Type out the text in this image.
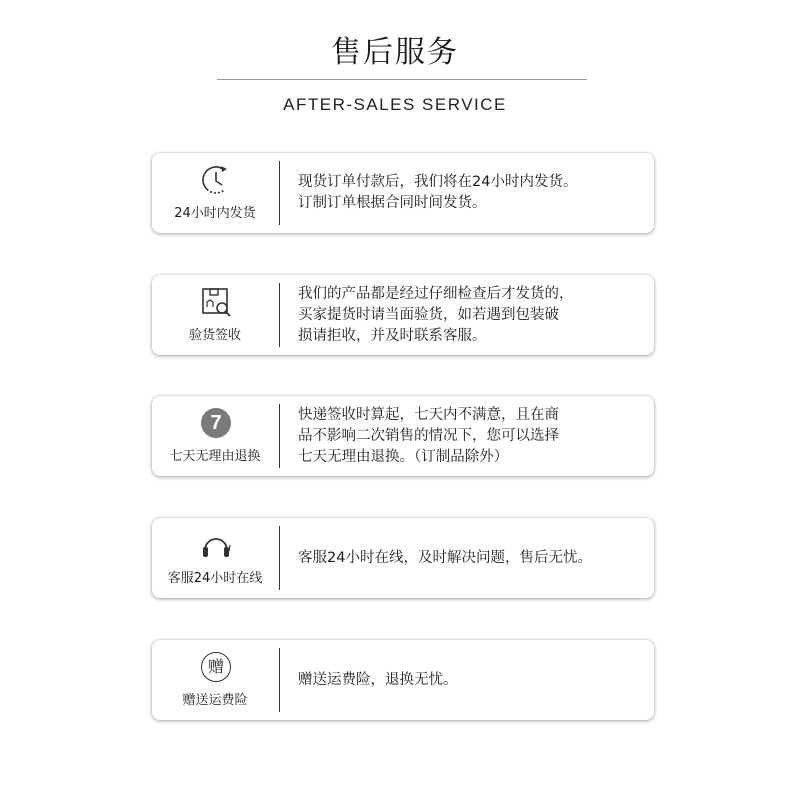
售后服务
AFTER-SALES SERVICE
24小时内发货
现货订单付款后，我们将在24小时内发货。
订制订单根据合同时间发货。
验货签收
我们的产品都是经过仔细检查后才发货的，
买家提货时请当面验货，如若遇到包装破
损请拒收，并及时联系客服。
7
七天无理由退换
快递签收时算起，七天内不满意，且在商
品不影响二次销售的情况下，您可以选择
七天无理由退换。（订制品除外）
客服24小时在线
客服24小时在线，及时解决问题，售后无忧。
赠
赠送运费险
赠送运费险，退换无忧。
